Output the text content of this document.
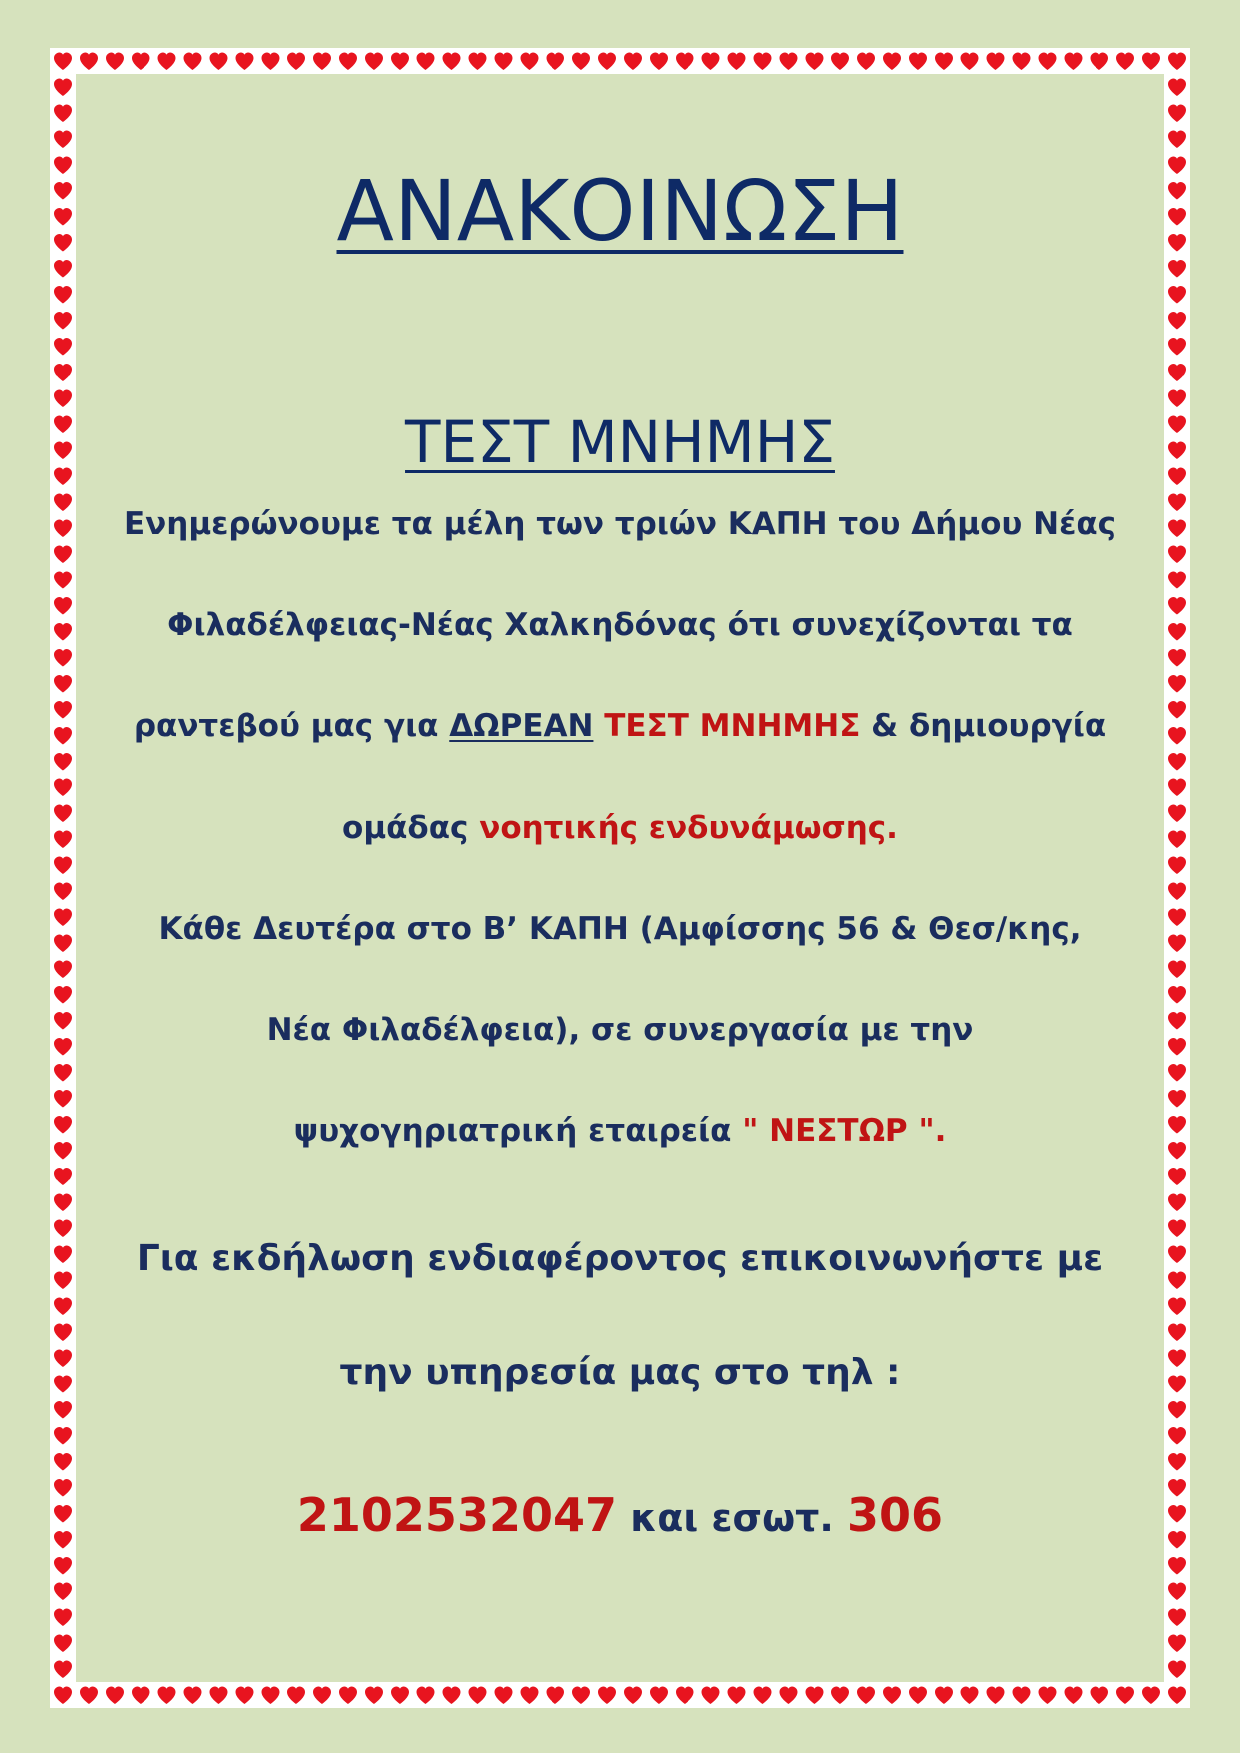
ΑΝΑΚΟΙΝΩΣΗ
ΤΕΣΤ ΜΝΗΜΗΣ
Ενημερώνουμε τα μέλη των τριών ΚΑΠΗ του Δήμου Νέας
Φιλαδέλφειας-Νέας Χαλκηδόνας ότι συνεχίζονται τα
ραντεβού μας για ΔΩΡΕΑΝ ΤΕΣΤ ΜΝΗΜΗΣ & δημιουργία
ομάδας νοητικής ενδυνάμωσης.
Κάθε Δευτέρα στο Β’ ΚΑΠΗ (Αμφίσσης 56 & Θεσ/κης,
Νέα Φιλαδέλφεια), σε συνεργασία με την
ψυχογηριατρική εταιρεία " ΝΕΣΤΩΡ ".
Για εκδήλωση ενδιαφέροντος επικοινωνήστε με
την υπηρεσία μας στο τηλ :
2102532047 και εσωτ. 306
